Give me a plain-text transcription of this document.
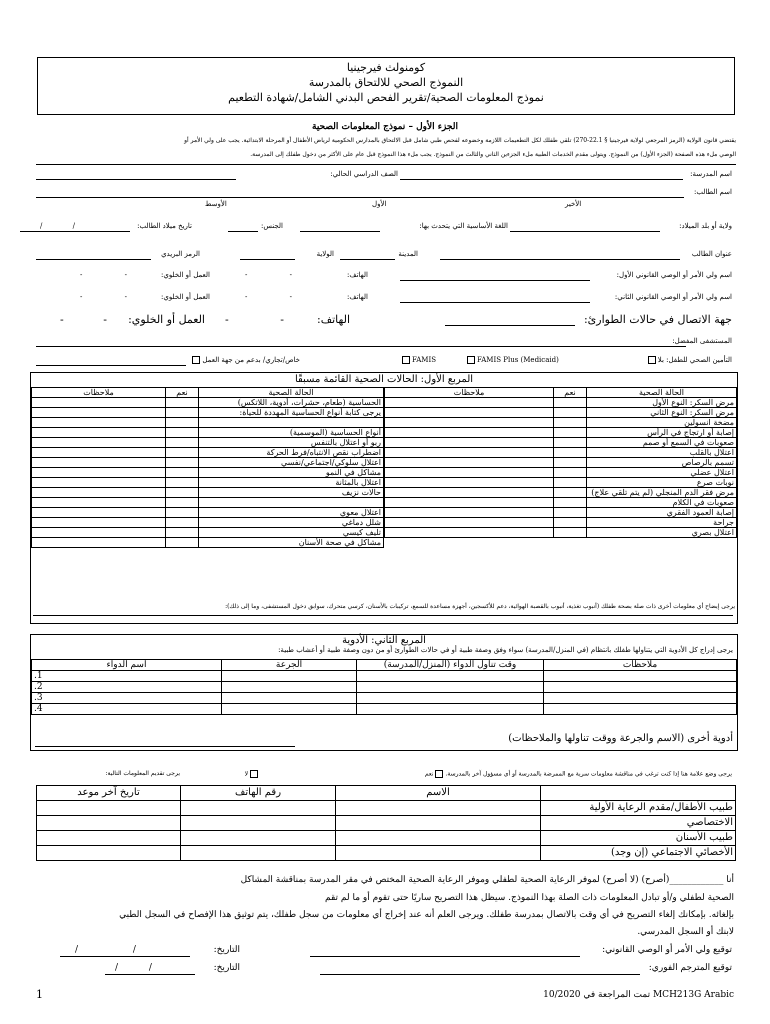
كومنولث فيرجينيا
النموذج الصحي للالتحاق بالمدرسة
نموذج المعلومات الصحية/تقرير الفحص البدني الشامل/شهادة التطعيم
الجزء الأول – نموذج المعلومات الصحية
يقتضي قانون الولاية (الرمز المرجعي لولاية فيرجينيا § 22.1-270) تلقي طفلك لكل التطعيمات اللازمة وخضوعه لفحص طبي شامل قبل الالتحاق بالمدارس الحكومية لرياض الأطفال أو المرحلة الابتدائية. يجب على ولي الأمر أو
الوصي ملء هذه الصفحة (الجزء الأول) من النموذج. ويتولى مقدم الخدمات الطبية ملء الجزءين الثاني والثالث من النموذج. يجب ملء هذا النموذج قبل عام على الأكثر من دخول طفلك إلى المدرسة.
اسم المدرسة:
الصف الدراسي الحالي:
اسم الطالب:
الأخير
الأول
الأوسط
ولاية أو بلد الميلاد:
اللغة الأساسية التي يتحدث بها:
الجنس:
تاريخ ميلاد الطالب:
/ /
عنوان الطالب
المدينة
الولاية
الرمز البريدي
اسم ولي الأمر أو الوصي القانوني الأول:
الهاتف:
- -
العمل أو الخلوي:
- -
اسم ولي الأمر أو الوصي القانوني الثاني:
الهاتف:
- -
العمل أو الخلوي:
- -
جهة الاتصال في حالات الطوارئ:
الهاتف:
- -
العمل أو الخلوي:
- -
المستشفى المفضل:
التأمين الصحي للطفل: بلا
FAMIS Plus (Medicaid)
FAMIS
خاص/تجاري/ بدعم من جهة العمل
المربع الأول: الحالات الصحية القائمة مسبقًا
الحالة الصحية	نعم	ملاحظات
مرض السكر: النوع الأول		
مرض السكر: النوع الثاني		
مضخة انسولين		
إصابة أو ارتجاج في الرأس		
صعوبات في السمع أو صمم		
اعتلال بالقلب		
تسمم بالرصاص		
اعتلال عضلي		
نوبات صرع		
مرض فقر الدم المنجلي (لم يتم تلقي علاج)		
صعوبات في الكلام		
إصابة العمود الفقري		
جراحة		
اعتلال بصري		
الحالة الصحية	نعم	ملاحظات
الحساسية (طعام، حشرات، أدوية، اللاتكس)		
يرجى كتابة أنواع الحساسية المهددة للحياة:		

أنواع الحساسية (الموسمية)		
ربو أو اعتلال بالتنفس		
اضطراب نقص الانتباه/فرط الحركة		
اعتلال سلوكي/اجتماعي/نفسي		
مشاكل في النمو		
اعتلال بالمثانة		
حالات نزيف		

اعتلال معوي		
شلل دماغي		
تليف كيسي		
مشاكل في صحة الأسنان		
يرجى إيضاح أي معلومات أخرى ذات صلة بصحة طفلك (أنبوب تغذية، أنبوب بالقصبة الهوائية، دعم للأكسجين، أجهزة مساعدة للسمع، تركيبات بالأسنان، كرسي متحرك، سوابق دخول المستشفى، وما إلى ذلك):
المربع الثاني: الأدوية
يرجى إدراج كل الأدوية التي يتناولها طفلك بانتظام (في المنزل/المدرسة) سواء وفق وصفة طبية أو في حالات الطوارئ أو من دون وصفة طبية أو أعشاب طبية:
ملاحظات	وقت تناول الدواء (المنزل/المدرسة)	الجرعة	اسم الدواء
			.1
			.2
			.3
			.4
أدوية أخرى (الاسم والجرعة ووقت تناولها والملاحظات)
يرجى وضع علامة هنا إذا كنت ترغب في مناقشة معلومات سرية مع الممرضة بالمدرسة أو أي مسؤول آخر بالمدرسة.نعم
لا
يرجى تقديم المعلومات التالية:
	الاسم	رقم الهاتف	تاريخ آخر موعد
طبيب الأطفال/مقدم الرعاية الأولية			
الاختصاصي			
طبيب الأسنان			
الأخصائي الاجتماعي (إن وجد)			
أنا ____________(أصرح) (لا أصرح) لموفر الرعاية الصحية لطفلي وموفر الرعاية الصحية المختص في مقر المدرسة بمناقشة المشاكل
الصحية لطفلي و/أو تبادل المعلومات ذات الصلة بهذا النموذج. سيظل هذا التصريح ساريًا حتى تقوم أو ما لم تقم
بإلغائه. بإمكانك إلغاء التصريح في أي وقت بالاتصال بمدرسة طفلك. ويرجى العلم أنه عند إخراج أي معلومات من سجل طفلك، يتم توثيق هذا الإفصاح في السجل الطبي
لابنك أو السجل المدرسي.
توقيع ولي الأمر أو الوصي القانوني:
التاريخ:
/ /
توقيع المترجم الفوري:
التاريخ:
/ /
1	MCH213G Arabic تمت المراجعة في 10/2020
